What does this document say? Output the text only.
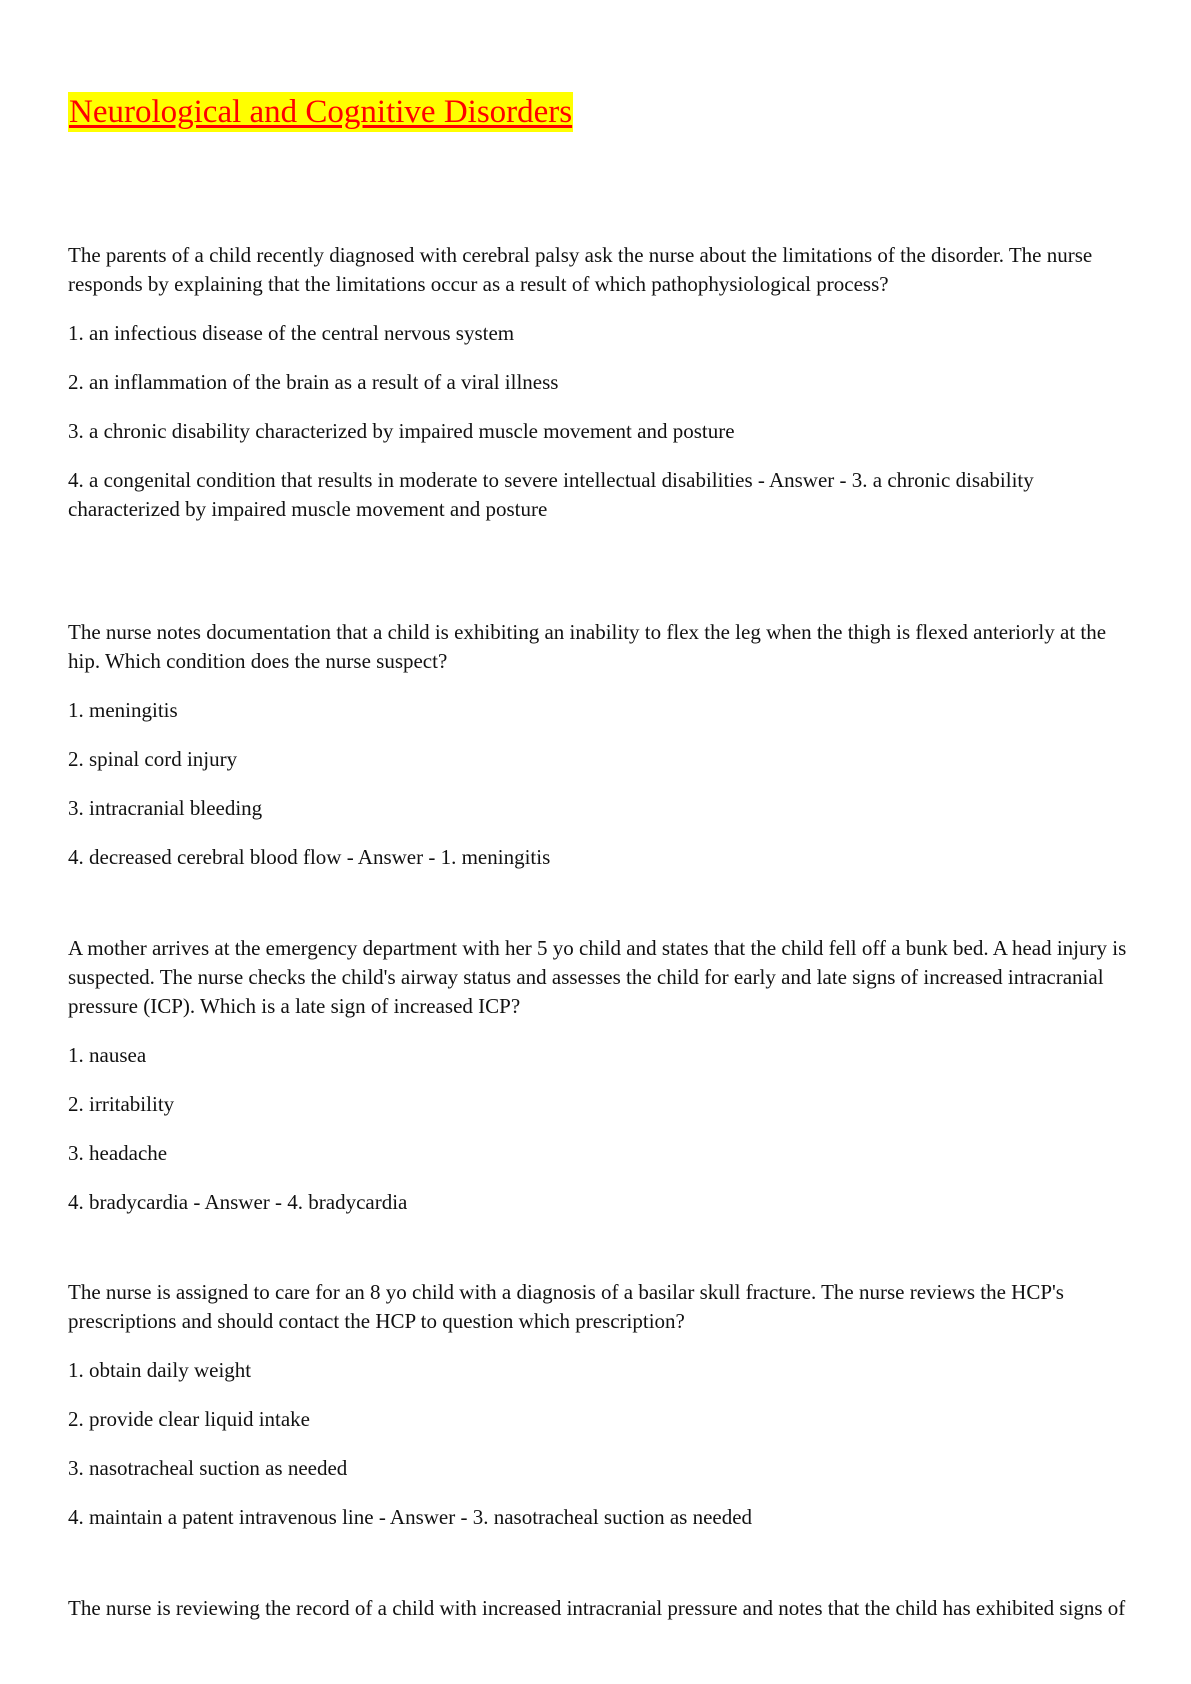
Neurological and Cognitive Disorders

The parents of a child recently diagnosed with cerebral palsy ask the nurse about the limitations of the disorder. The nurse responds by explaining that the limitations occur as a result of which pathophysiological process?

1. an infectious disease of the central nervous system

2. an inflammation of the brain as a result of a viral illness

3. a chronic disability characterized by impaired muscle movement and posture

4. a congenital condition that results in moderate to severe intellectual disabilities - Answer - 3. a chronic disability characterized by impaired muscle movement and posture

The nurse notes documentation that a child is exhibiting an inability to flex the leg when the thigh is flexed anteriorly at the hip. Which condition does the nurse suspect?

1. meningitis

2. spinal cord injury

3. intracranial bleeding

4. decreased cerebral blood flow - Answer - 1. meningitis

A mother arrives at the emergency department with her 5 yo child and states that the child fell off a bunk bed. A head injury is suspected. The nurse checks the child's airway status and assesses the child for early and late signs of increased intracranial pressure (ICP). Which is a late sign of increased ICP?

1. nausea

2. irritability

3. headache

4. bradycardia - Answer - 4. bradycardia

The nurse is assigned to care for an 8 yo child with a diagnosis of a basilar skull fracture. The nurse reviews the HCP's prescriptions and should contact the HCP to question which prescription?

1. obtain daily weight

2. provide clear liquid intake

3. nasotracheal suction as needed

4. maintain a patent intravenous line - Answer - 3. nasotracheal suction as needed

The nurse is reviewing the record of a child with increased intracranial pressure and notes that the child has exhibited signs of
